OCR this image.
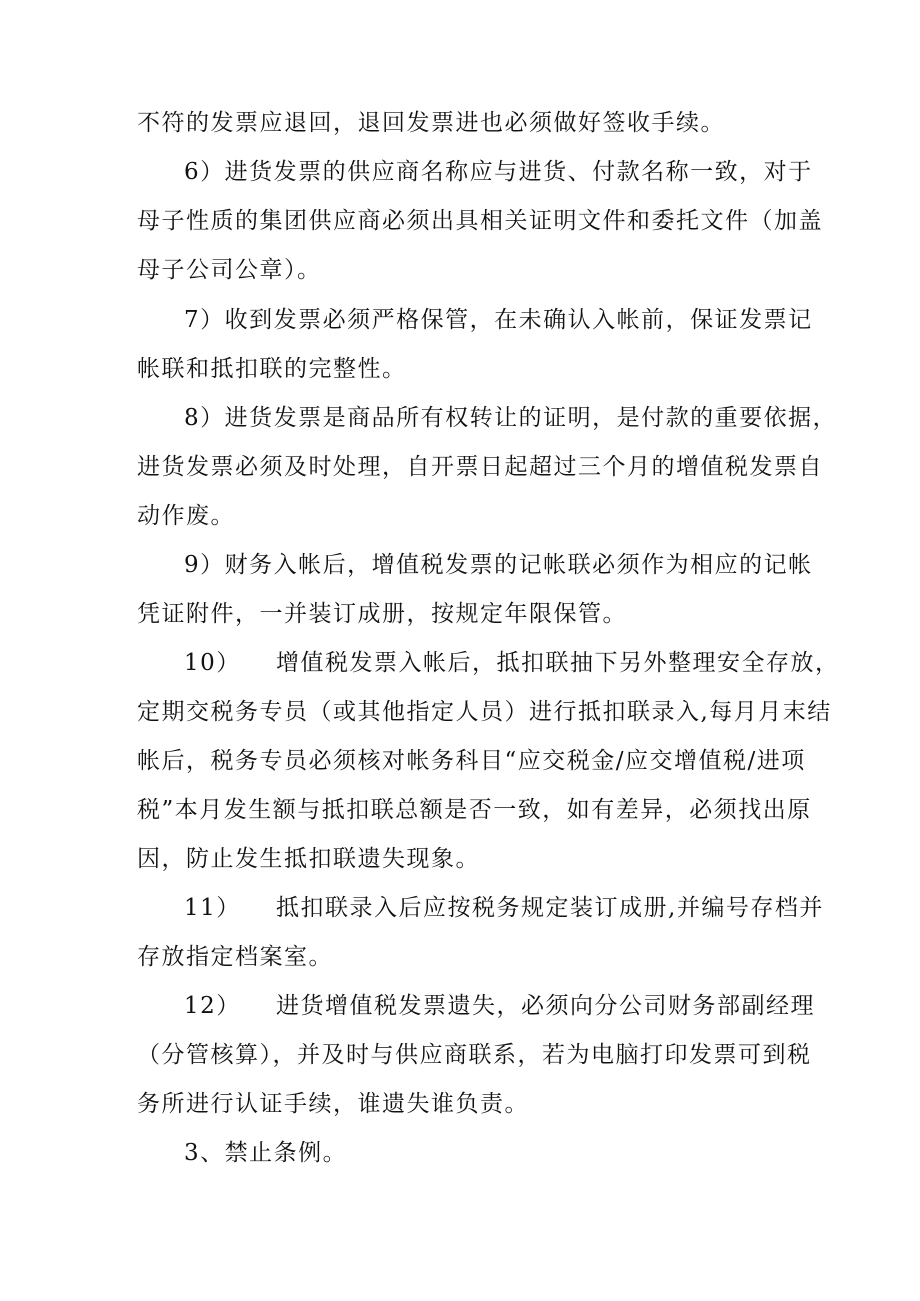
不符的发票应退回，退回发票进也必须做好签收手续。
6）进货发票的供应商名称应与进货、付款名称一致，对于
母子性质的集团供应商必须出具相关证明文件和委托文件（加盖
母子公司公章）。
7）收到发票必须严格保管，在未确认入帐前，保证发票记
帐联和抵扣联的完整性。
8）进货发票是商品所有权转让的证明，是付款的重要依据，
进货发票必须及时处理，自开票日起超过三个月的增值税发票自
动作废。
9）财务入帐后，增值税发票的记帐联必须作为相应的记帐
凭证附件，一并装订成册，按规定年限保管。
10）    增值税发票入帐后，抵扣联抽下另外整理安全存放，
定期交税务专员（或其他指定人员）进行抵扣联录入,每月月末结
帐后，税务专员必须核对帐务科目“应交税金/应交增值税/进项
税”本月发生额与抵扣联总额是否一致，如有差异，必须找出原
因，防止发生抵扣联遗失现象。
11）    抵扣联录入后应按税务规定装订成册,并编号存档并
存放指定档案室。
12）    进货增值税发票遗失，必须向分公司财务部副经理
（分管核算），并及时与供应商联系，若为电脑打印发票可到税
务所进行认证手续，谁遗失谁负责。
3、禁止条例。
